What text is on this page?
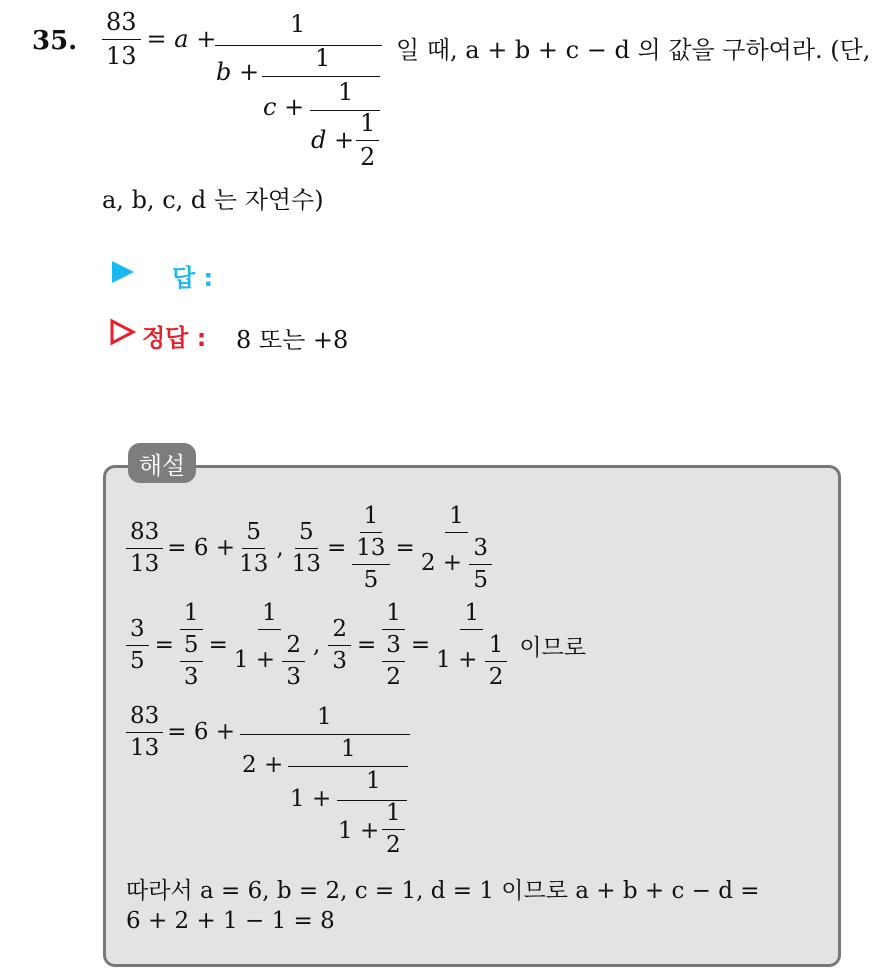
35. $\frac{83}{13} = a$ +
1
b + 1
c +
1
$d + \frac{1}{2}$
일 때, a + b + c − d 의 값을 구하여라. (단,
a, b, c, d 는 자연수)
답 :
정답 : 8 또는 +8
해설
$\frac{83}{13} = 6 + \frac{5}{13}$ , $\frac{5}{13} = \frac{1}{\frac{13}{5}} = \frac{1}{2 + \frac{3}{5}}$
$\frac{3}{5} = \frac{1}{\frac{5}{3}} = \frac{1}{1 + \frac{2}{3}}$ , $\frac{2}{3} = \frac{1}{\frac{3}{2}} = \frac{1}{1 + \frac{1}{2}}$ 이므로
$\frac{83}{13} = 6$ +
1
2 +
1
1 +
1
$1 + \frac{1}{2}$
따라서 a = 6, b = 2, c = 1, d = 1 이므로 a + b + c − d =
6 + 2 + 1 − 1 = 8
